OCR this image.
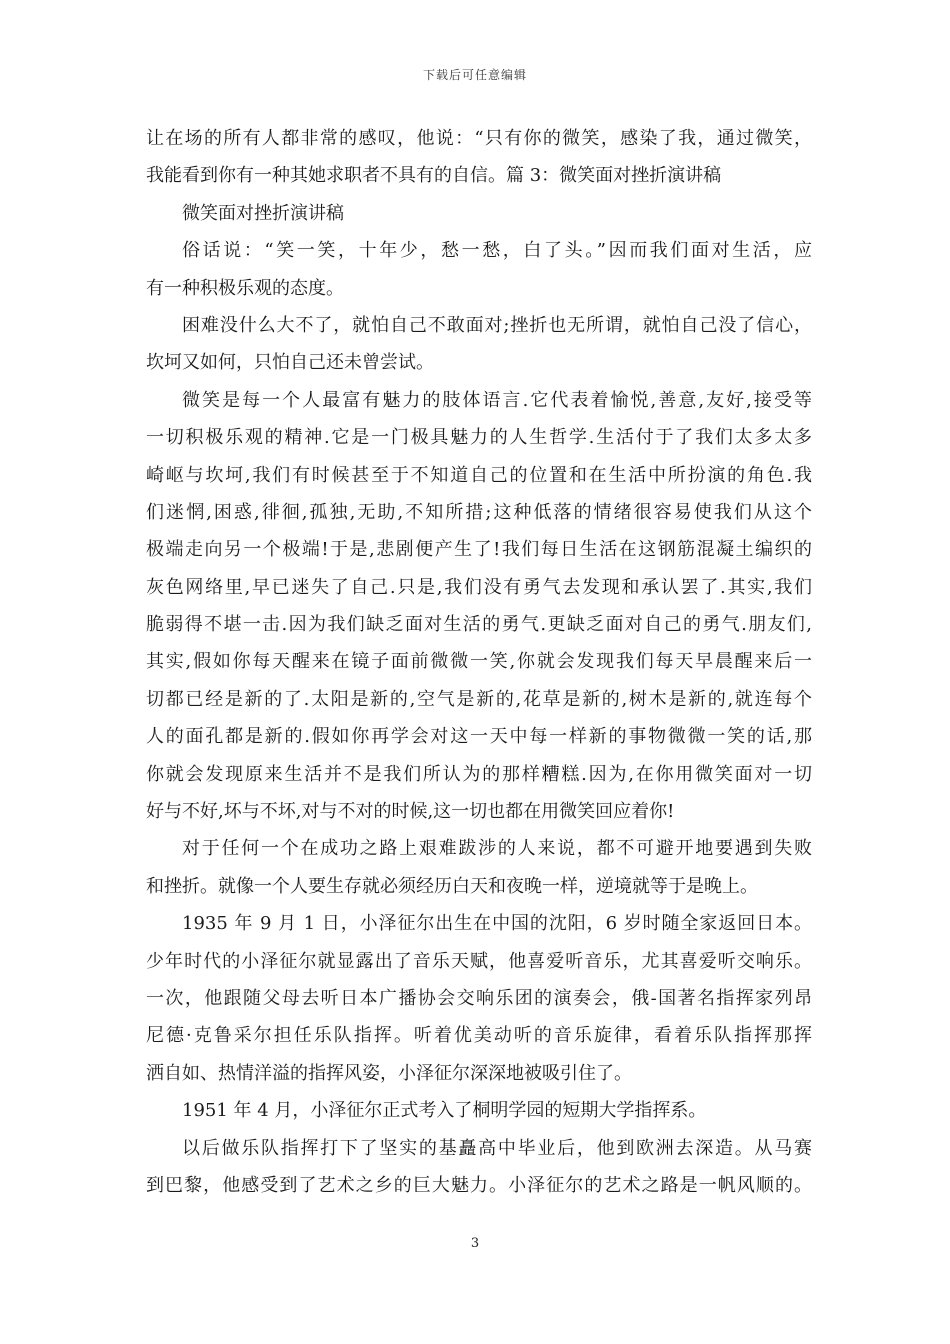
下载后可任意编辑
让在场的所有人都非常的感叹，他说：“只有你的微笑，感染了我，通过微笑，
我能看到你有一种其她求职者不具有的自信。篇 3：微笑面对挫折演讲稿
微笑面对挫折演讲稿
俗话说：“笑一笑，十年少，愁一愁，白了头。”因而我们面对生活，应
有一种积极乐观的态度。
困难没什么大不了，就怕自己不敢面对;挫折也无所谓，就怕自己没了信心，
坎坷又如何，只怕自己还未曾尝试。
微笑是每一个人最富有魅力的肢体语言.它代表着愉悦,善意,友好,接受等
一切积极乐观的精神.它是一门极具魅力的人生哲学.生活付于了我们太多太多
崎岖与坎坷,我们有时候甚至于不知道自己的位置和在生活中所扮演的角色.我
们迷惘,困惑,徘徊,孤独,无助,不知所措;这种低落的情绪很容易使我们从这个
极端走向另一个极端!于是,悲剧便产生了!我们每日生活在这钢筋混凝土编织的
灰色网络里,早已迷失了自己.只是,我们没有勇气去发现和承认罢了.其实,我们
脆弱得不堪一击.因为我们缺乏面对生活的勇气.更缺乏面对自己的勇气.朋友们,
其实,假如你每天醒来在镜子面前微微一笑,你就会发现我们每天早晨醒来后一
切都已经是新的了.太阳是新的,空气是新的,花草是新的,树木是新的,就连每个
人的面孔都是新的.假如你再学会对这一天中每一样新的事物微微一笑的话,那
你就会发现原来生活并不是我们所认为的那样糟糕.因为,在你用微笑面对一切
好与不好,坏与不坏,对与不对的时候,这一切也都在用微笑回应着你!
对于任何一个在成功之路上艰难跋涉的人来说，都不可避开地要遇到失败
和挫折。就像一个人要生存就必须经历白天和夜晚一样，逆境就等于是晚上。
1935 年 9 月 1 日，小泽征尔出生在中国的沈阳，6 岁时随全家返回日本。
少年时代的小泽征尔就显露出了音乐天赋，他喜爱听音乐，尤其喜爱听交响乐。
一次，他跟随父母去听日本广播协会交响乐团的演奏会，俄-国著名指挥家列昂
尼德·克鲁采尔担任乐队指挥。听着优美动听的音乐旋律，看着乐队指挥那挥
洒自如、热情洋溢的指挥风姿，小泽征尔深深地被吸引住了。
1951 年 4 月，小泽征尔正式考入了桐明学园的短期大学指挥系。
以后做乐队指挥打下了坚实的基矗高中毕业后，他到欧洲去深造。从马赛
到巴黎，他感受到了艺术之乡的巨大魅力。小泽征尔的艺术之路是一帆风顺的。
3
